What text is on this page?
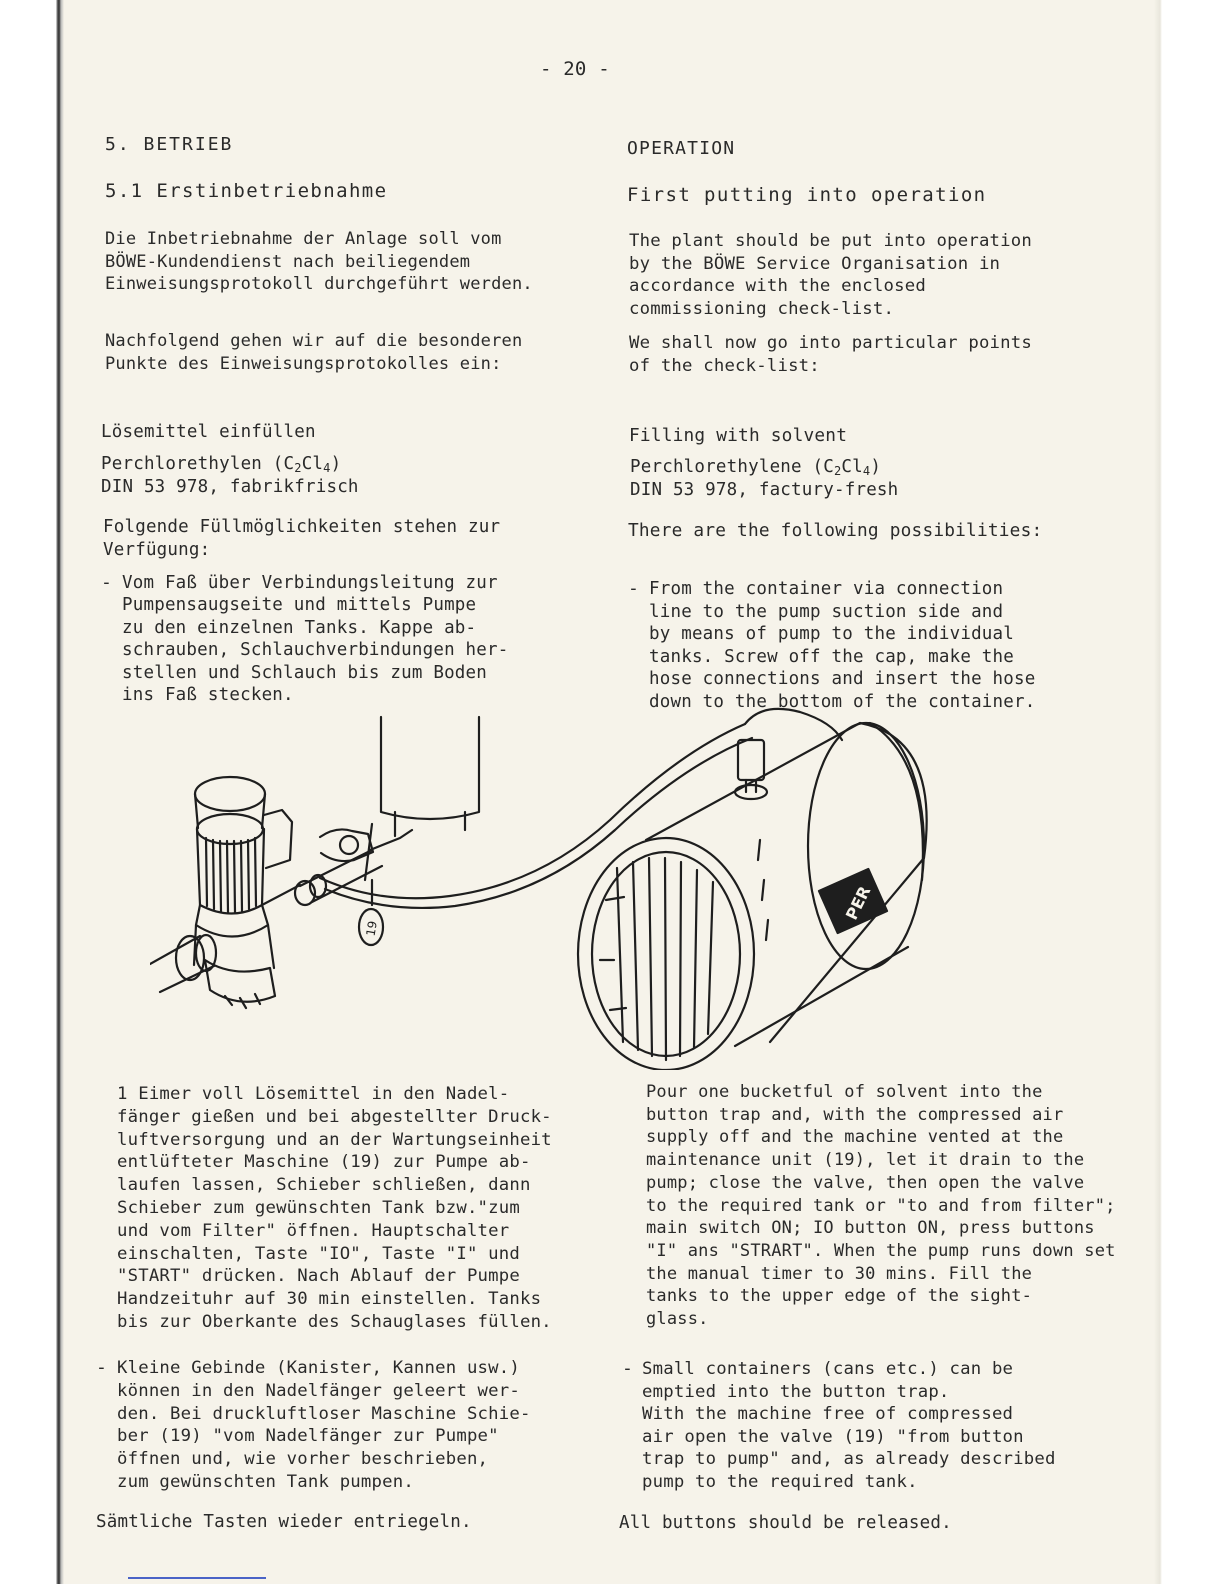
- 20 -

5. BETRIEB

5.1 Erstinbetriebnahme

Die Inbetriebnahme der Anlage soll vom
BÖWE-Kundendienst nach beiliegendem
Einweisungsprotokoll durchgeführt werden.

Nachfolgend gehen wir auf die besonderen
Punkte des Einweisungsprotokolles ein:

Lösemittel einfüllen

Perchlorethylen $(C_2Cl_4)$

DIN 53 978, fabrikfrisch

Folgende Füllmöglichkeiten stehen zur
Verfügung:

- Vom Faß über Verbindungsleitung zur
Pumpensaugseite und mittels Pumpe
zu den einzelnen Tanks. Kappe ab-
schrauben, Schlauchverbindungen her-
stellen und Schlauch bis zum Boden
ins Faß stecken.

1 Eimer voll Lösemittel in den Nadel-
fänger gießen und bei abgestellter Druck-
luftversorgung und an der Wartungseinheit
entlüfteter Maschine (19) zur Pumpe ab-
laufen lassen, Schieber schließen, dann
Schieber zum gewünschten Tank bzw."zum
und vom Filter" öffnen. Hauptschalter
einschalten, Taste "IO", Taste "I" und
"START" drücken. Nach Ablauf der Pumpe
Handzeituhr auf 30 min einstellen. Tanks
bis zur Oberkante des Schauglases füllen.

- Kleine Gebinde (Kanister, Kannen usw.)
können in den Nadelfänger geleert wer-
den. Bei druckluftloser Maschine Schie-
ber (19) "vom Nadelfänger zur Pumpe"
öffnen und, wie vorher beschrieben,
zum gewünschten Tank pumpen.

Sämtliche Tasten wieder entriegeln.

OPERATION

First putting into operation

The plant should be put into operation
by the BÖWE Service Organisation in
accordance with the enclosed
commissioning check-list.

We shall now go into particular points
of the check-list:

Filling with solvent

Perchlorethylene $(C_2Cl_4)$

DIN 53 978, factury-fresh

There are the following possibilities:

- From the container via connection
line to the pump suction side and
by means of pump to the individual
tanks. Screw off the cap, make the
hose connections and insert the hose
down to the bottom of the container.

Pour one bucketful of solvent into the
button trap and, with the compressed air
supply off and the machine vented at the
maintenance unit (19), let it drain to the
pump; close the valve, then open the valve
to the required tank or "to and from filter";
main switch ON; IO button ON, press buttons
"I" ans "STRART". When the pump runs down set
the manual timer to 30 mins. Fill the
tanks to the upper edge of the sight-
glass.

- Small containers (cans etc.) can be
emptied into the button trap.
With the machine free of compressed
air open the valve (19) "from button
trap to pump" and, as already described
pump to the required tank.

All buttons should be released.

19
PER
